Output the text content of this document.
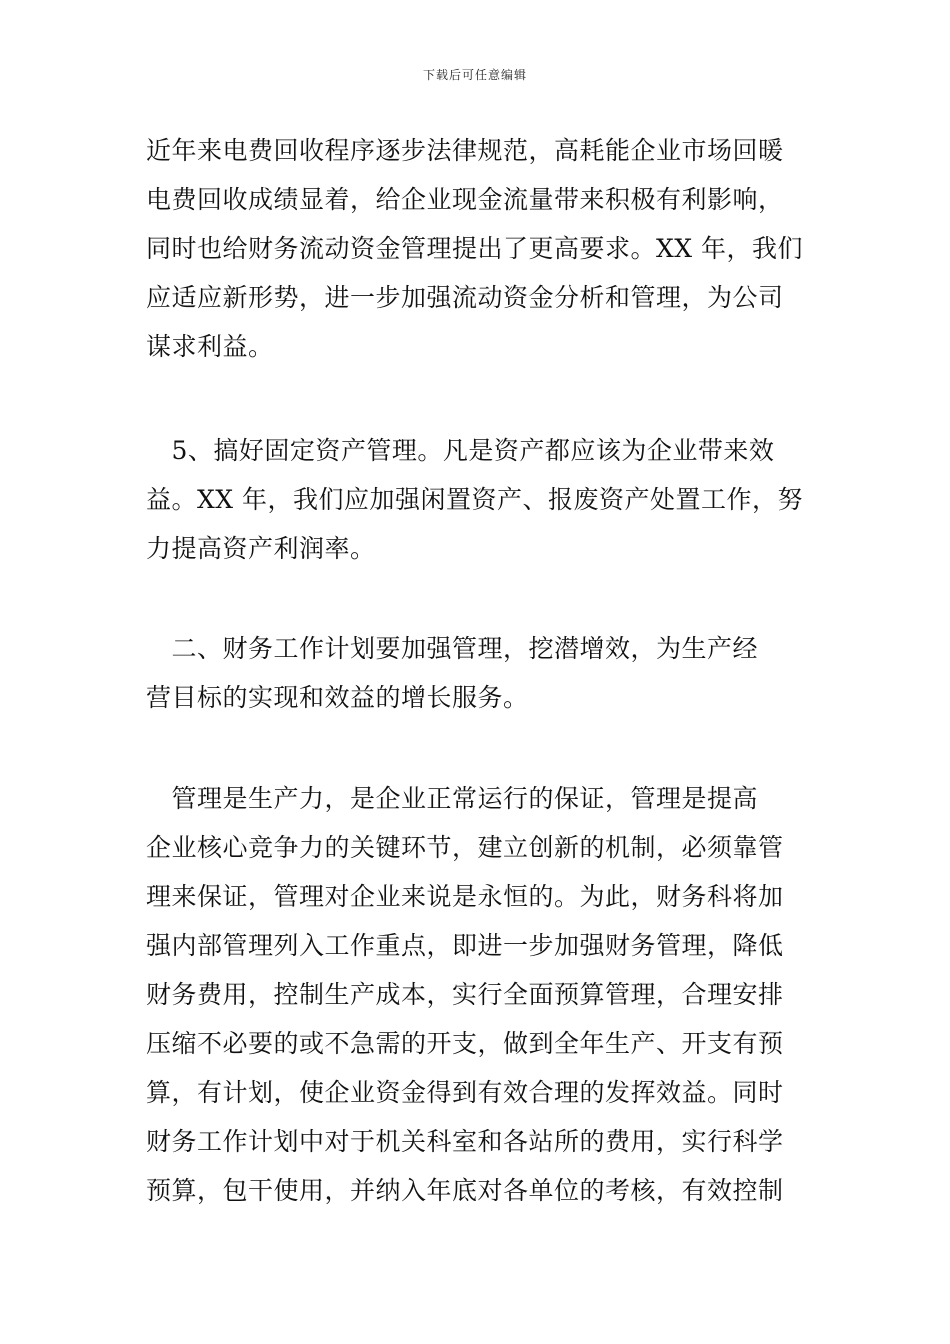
下载后可任意编辑
近年来电费回收程序逐步法律规范，高耗能企业市场回暖
电费回收成绩显着，给企业现金流量带来积极有利影响，
同时也给财务流动资金管理提出了更高要求。XX 年，我们
应适应新形势，进一步加强流动资金分析和管理，为公司
谋求利益。
　5、搞好固定资产管理。凡是资产都应该为企业带来效
益。XX 年，我们应加强闲置资产、报废资产处置工作，努
力提高资产利润率。
　二、财务工作计划要加强管理，挖潜增效，为生产经
营目标的实现和效益的增长服务。
　管理是生产力，是企业正常运行的保证，管理是提高
企业核心竞争力的关键环节，建立创新的机制，必须靠管
理来保证，管理对企业来说是永恒的。为此，财务科将加
强内部管理列入工作重点，即进一步加强财务管理，降低
财务费用，控制生产成本，实行全面预算管理，合理安排
压缩不必要的或不急需的开支，做到全年生产、开支有预
算，有计划，使企业资金得到有效合理的发挥效益。同时
财务工作计划中对于机关科室和各站所的费用，实行科学
预算，包干使用，并纳入年底对各单位的考核，有效控制
